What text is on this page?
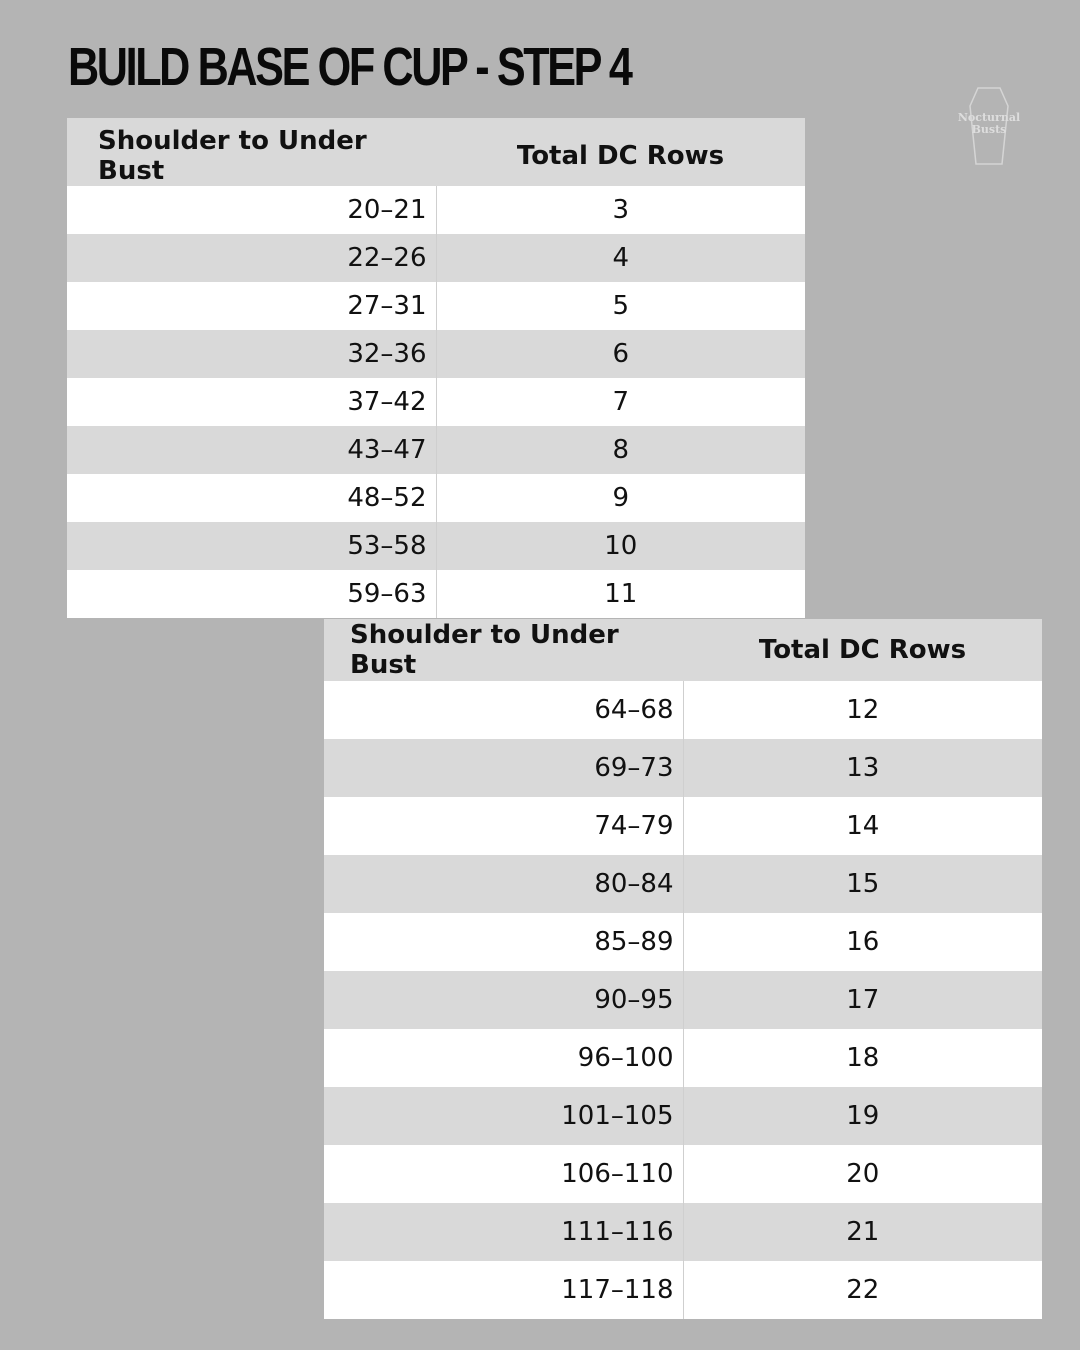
BUILD BASE OF CUP - STEP 4
Nocturnal
Busts
Shoulder to Under Bust	Total DC Rows
20–21	3
22–26	4
27–31	5
32–36	6
37–42	7
43–47	8
48–52	9
53–58	10
59–63	11
Shoulder to Under Bust	Total DC Rows
64–68	12
69–73	13
74–79	14
80–84	15
85–89	16
90–95	17
96–100	18
101–105	19
106–110	20
111–116	21
117–118	22
